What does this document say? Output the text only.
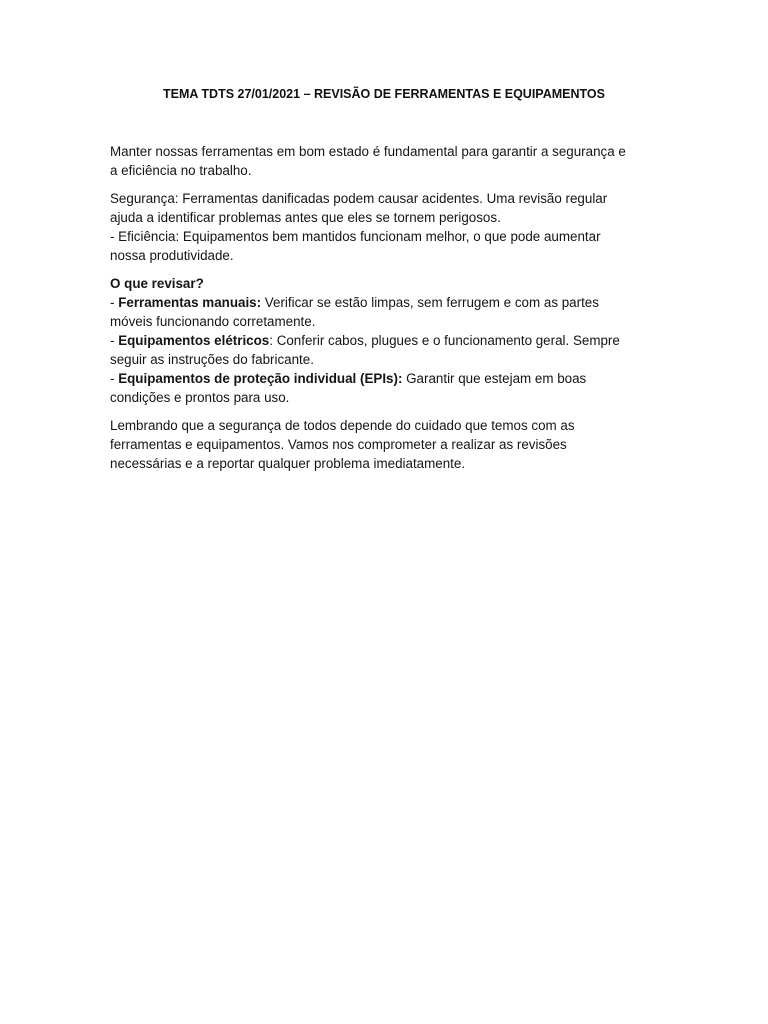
TEMA TDTS 27/01/2021 – REVISÃO DE FERRAMENTAS E EQUIPAMENTOS
Manter nossas ferramentas em bom estado é fundamental para garantir a segurança e
a eficiência no trabalho.
Segurança: Ferramentas danificadas podem causar acidentes. Uma revisão regular
ajuda a identificar problemas antes que eles se tornem perigosos.
- Eficiência: Equipamentos bem mantidos funcionam melhor, o que pode aumentar
nossa produtividade.
O que revisar?
- Ferramentas manuais: Verificar se estão limpas, sem ferrugem e com as partes
móveis funcionando corretamente.
- Equipamentos elétricos: Conferir cabos, plugues e o funcionamento geral. Sempre
seguir as instruções do fabricante.
- Equipamentos de proteção individual (EPIs): Garantir que estejam em boas
condições e prontos para uso.
Lembrando que a segurança de todos depende do cuidado que temos com as
ferramentas e equipamentos. Vamos nos comprometer a realizar as revisões
necessárias e a reportar qualquer problema imediatamente.
